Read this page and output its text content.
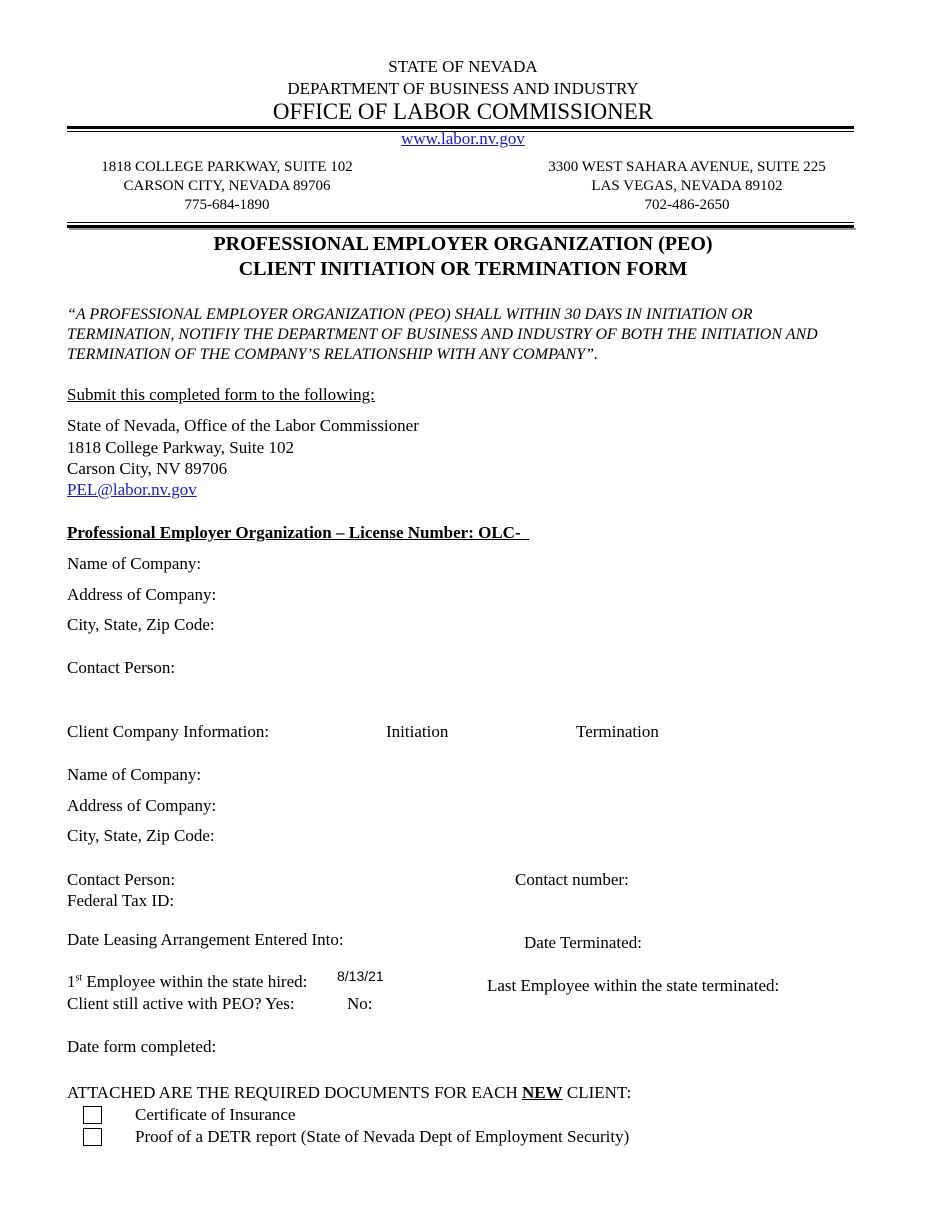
STATE OF NEVADA
DEPARTMENT OF BUSINESS AND INDUSTRY
OFFICE OF LABOR COMMISSIONER
www.labor.nv.gov
1818 COLLEGE PARKWAY, SUITE 102
CARSON CITY, NEVADA 89706
775-684-1890
3300 WEST SAHARA AVENUE, SUITE 225
LAS VEGAS, NEVADA 89102
702-486-2650
PROFESSIONAL EMPLOYER ORGANIZATION (PEO)
CLIENT INITIATION OR TERMINATION FORM
“A PROFESSIONAL EMPLOYER ORGANIZATION (PEO) SHALL WITHIN 30 DAYS IN INITIATION OR TERMINATION, NOTIFIY THE DEPARTMENT OF BUSINESS AND INDUSTRY OF BOTH THE INITIATION AND TERMINATION OF THE COMPANY’S RELATIONSHIP WITH ANY COMPANY”.
Submit this completed form to the following:
State of Nevada, Office of the Labor Commissioner
1818 College Parkway, Suite 102
Carson City, NV 89706
PEL@labor.nv.gov
Professional Employer Organization – License Number: OLC-
Name of Company:
Address of Company:
City, State, Zip Code:
Contact Person:
Client Company Information:	Initiation	Termination
Name of Company:
Address of Company:
City, State, Zip Code:
Contact Person:	Contact number:
Federal Tax ID:
Date Leasing Arrangement Entered Into:	Date Terminated:
1st Employee within the state hired: 8/13/21	Last Employee within the state terminated:
Client still active with PEO? Yes:	No:
Date form completed:
ATTACHED ARE THE REQUIRED DOCUMENTS FOR EACH NEW CLIENT:
Certificate of Insurance
Proof of a DETR report (State of Nevada Dept of Employment Security)
